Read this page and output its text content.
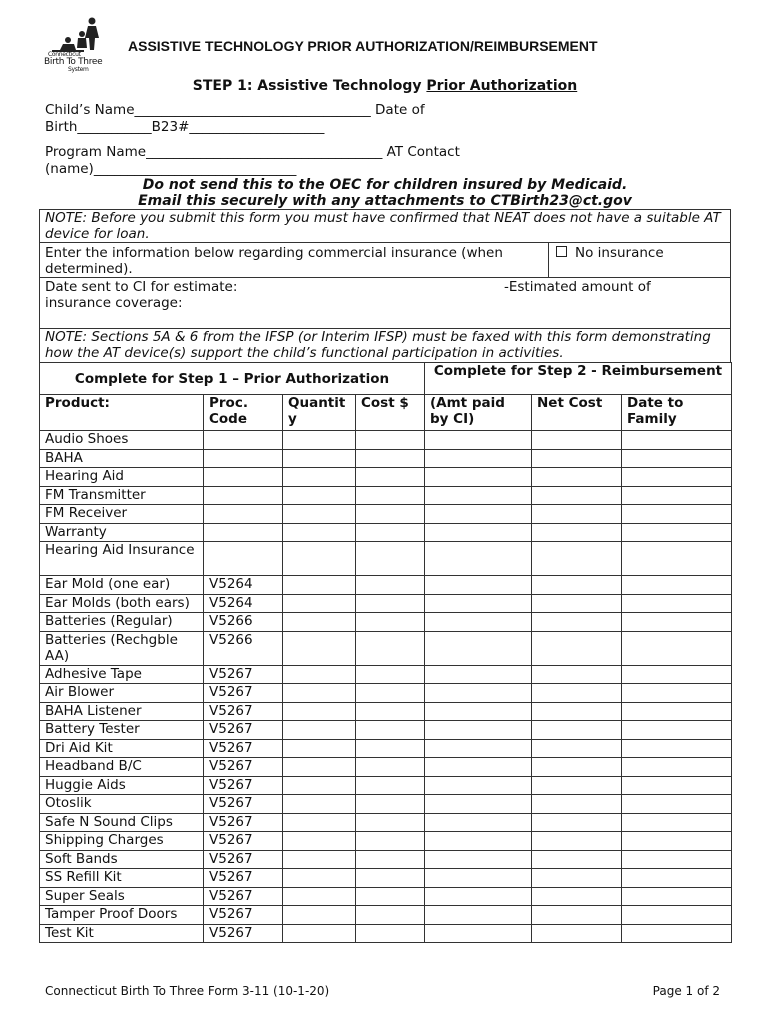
Connecticut
Birth To Three
System
ASSISTIVE TECHNOLOGY PRIOR AUTHORIZATION/REIMBURSEMENT
STEP 1: Assistive Technology Prior Authorization
Child’s Name___________________________________ Date of
Birth___________B23#____________________
Program Name___________________________________ AT Contact
(name)______________________________
Do not send this to the OEC for children insured by Medicaid.
Email this securely with any attachments to CTBirth23@ct.gov
NOTE: Before you submit this form you must have confirmed that NEAT does not have a suitable AT device for loan.
Enter the information below regarding commercial insurance (when determined).
No insurance
Date sent to CI for estimate:	-Estimated amount of
insurance coverage:
NOTE: Sections 5A & 6 from the IFSP (or Interim IFSP) must be faxed with this form demonstrating how the AT device(s) support the child’s functional participation in activities.
Complete for Step 1 – Prior Authorization				Complete for Step 2 - Reimbursement		
Product:	Proc. Code	Quantit y	Cost $	(Amt paid by CI)	Net Cost	Date to Family
Audio Shoes						
BAHA						
Hearing Aid						
FM Transmitter						
FM Receiver						
Warranty						
Hearing Aid Insurance						
Ear Mold (one ear)	V5264					
Ear Molds (both ears)	V5264					
Batteries (Regular)	V5266					
Batteries (Rechgble AA)	V5266					
Adhesive Tape	V5267					
Air Blower	V5267					
BAHA Listener	V5267					
Battery Tester	V5267					
Dri Aid Kit	V5267					
Headband B/C	V5267					
Huggie Aids	V5267					
Otoslik	V5267					
Safe N Sound Clips	V5267					
Shipping Charges	V5267					
Soft Bands	V5267					
SS Refill Kit	V5267					
Super Seals	V5267					
Tamper Proof Doors	V5267					
Test Kit	V5267					
Connecticut Birth To Three Form 3-11 (10-1-20)	Page 1 of 2
